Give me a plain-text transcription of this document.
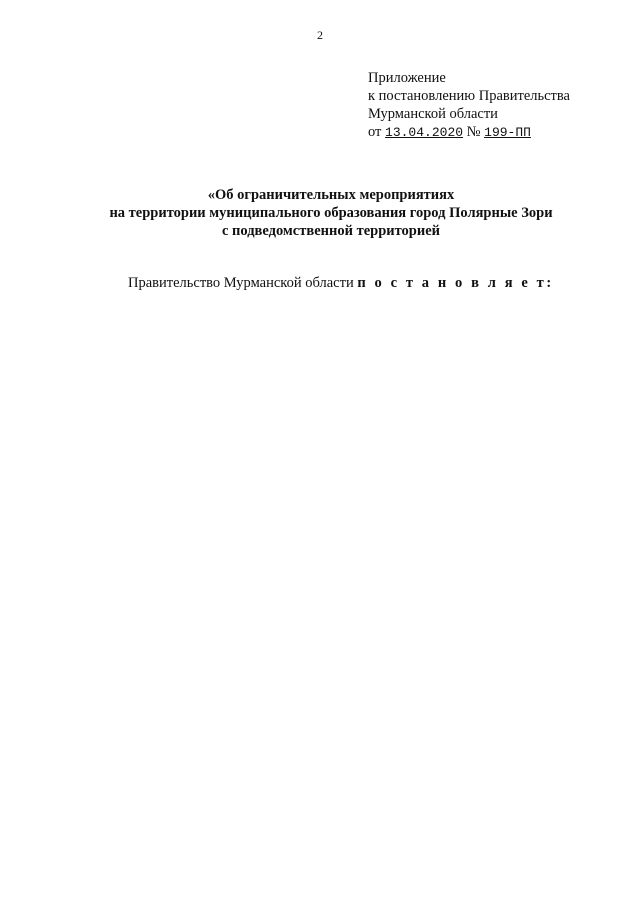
2
Приложение
к постановлению Правительства
Мурманской области
от 13.04.2020 № 199-ПП
«Об ограничительных мероприятиях
на территории муниципального образования город Полярные Зори
с подведомственной территорией

Правительство Мурманской области п о с т а н о в л я е т:
